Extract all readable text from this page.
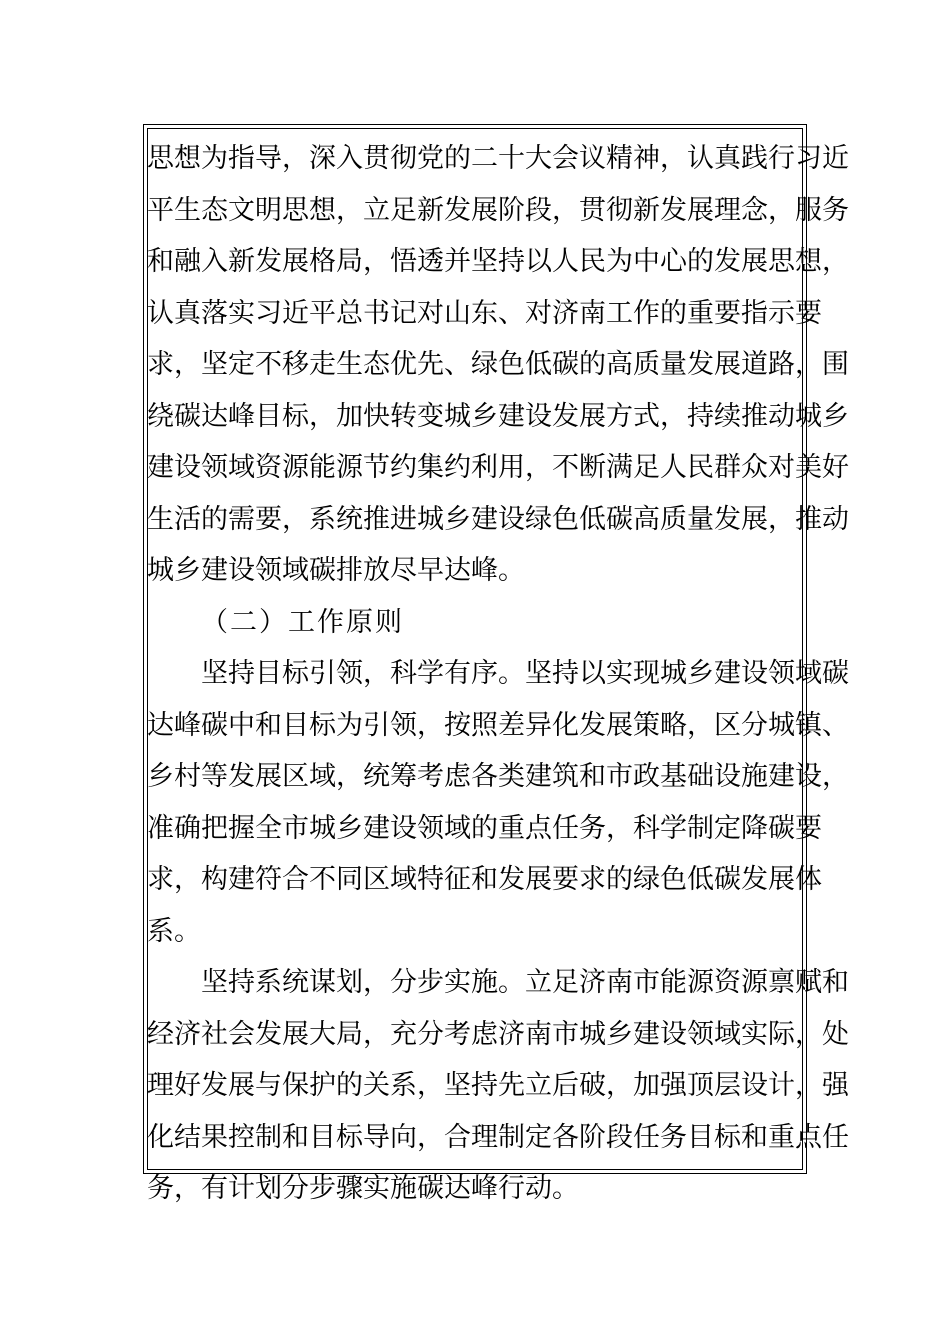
思想为指导，深入贯彻党的二十大会议精神，认真践行习近
平生态文明思想，立足新发展阶段，贯彻新发展理念，服务
和融入新发展格局，悟透并坚持以人民为中心的发展思想，
认真落实习近平总书记对山东、对济南工作的重要指示要
求，坚定不移走生态优先、绿色低碳的高质量发展道路，围
绕碳达峰目标，加快转变城乡建设发展方式，持续推动城乡
建设领域资源能源节约集约利用，不断满足人民群众对美好
生活的需要，系统推进城乡建设绿色低碳高质量发展，推动
城乡建设领域碳排放尽早达峰。
（二）工作原则
坚持目标引领，科学有序。坚持以实现城乡建设领域碳
达峰碳中和目标为引领，按照差异化发展策略，区分城镇、
乡村等发展区域，统筹考虑各类建筑和市政基础设施建设，
准确把握全市城乡建设领域的重点任务，科学制定降碳要
求，构建符合不同区域特征和发展要求的绿色低碳发展体
系。
坚持系统谋划，分步实施。立足济南市能源资源禀赋和
经济社会发展大局，充分考虑济南市城乡建设领域实际，处
理好发展与保护的关系，坚持先立后破，加强顶层设计，强
化结果控制和目标导向，合理制定各阶段任务目标和重点任
务，有计划分步骤实施碳达峰行动。
